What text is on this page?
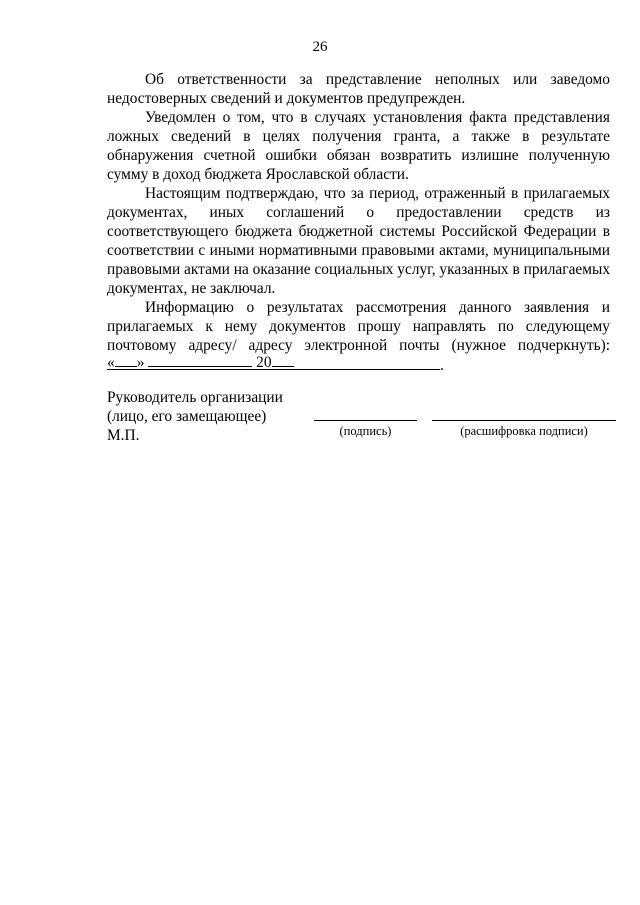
26

Об ответственности за представление неполных или заведомо недостоверных сведений и документов предупрежден.

Уведомлен о том, что в случаях установления факта представления ложных сведений в целях получения гранта, а также в результате обнаружения счетной ошибки обязан возвратить излишне полученную сумму в доход бюджета Ярославской области.

Настоящим подтверждаю, что за период, отраженный в прилагаемых документах, иных соглашений о предоставлении средств из соответствующего бюджета бюджетной системы Российской Федерации в соответствии с иными нормативными правовыми актами, муниципальными правовыми актами на оказание социальных услуг, указанных в прилагаемых документах, не заключал.

Информацию о результатах рассмотрения данного заявления и прилагаемых к нему документов прошу направлять по следующему почтовому адресу/ адресу электронной почты (нужное подчеркнуть): .

« »	20
Руководитель организации
(лицо, его замещающее)
М.П.	(подпись)	(расшифровка подписи)
